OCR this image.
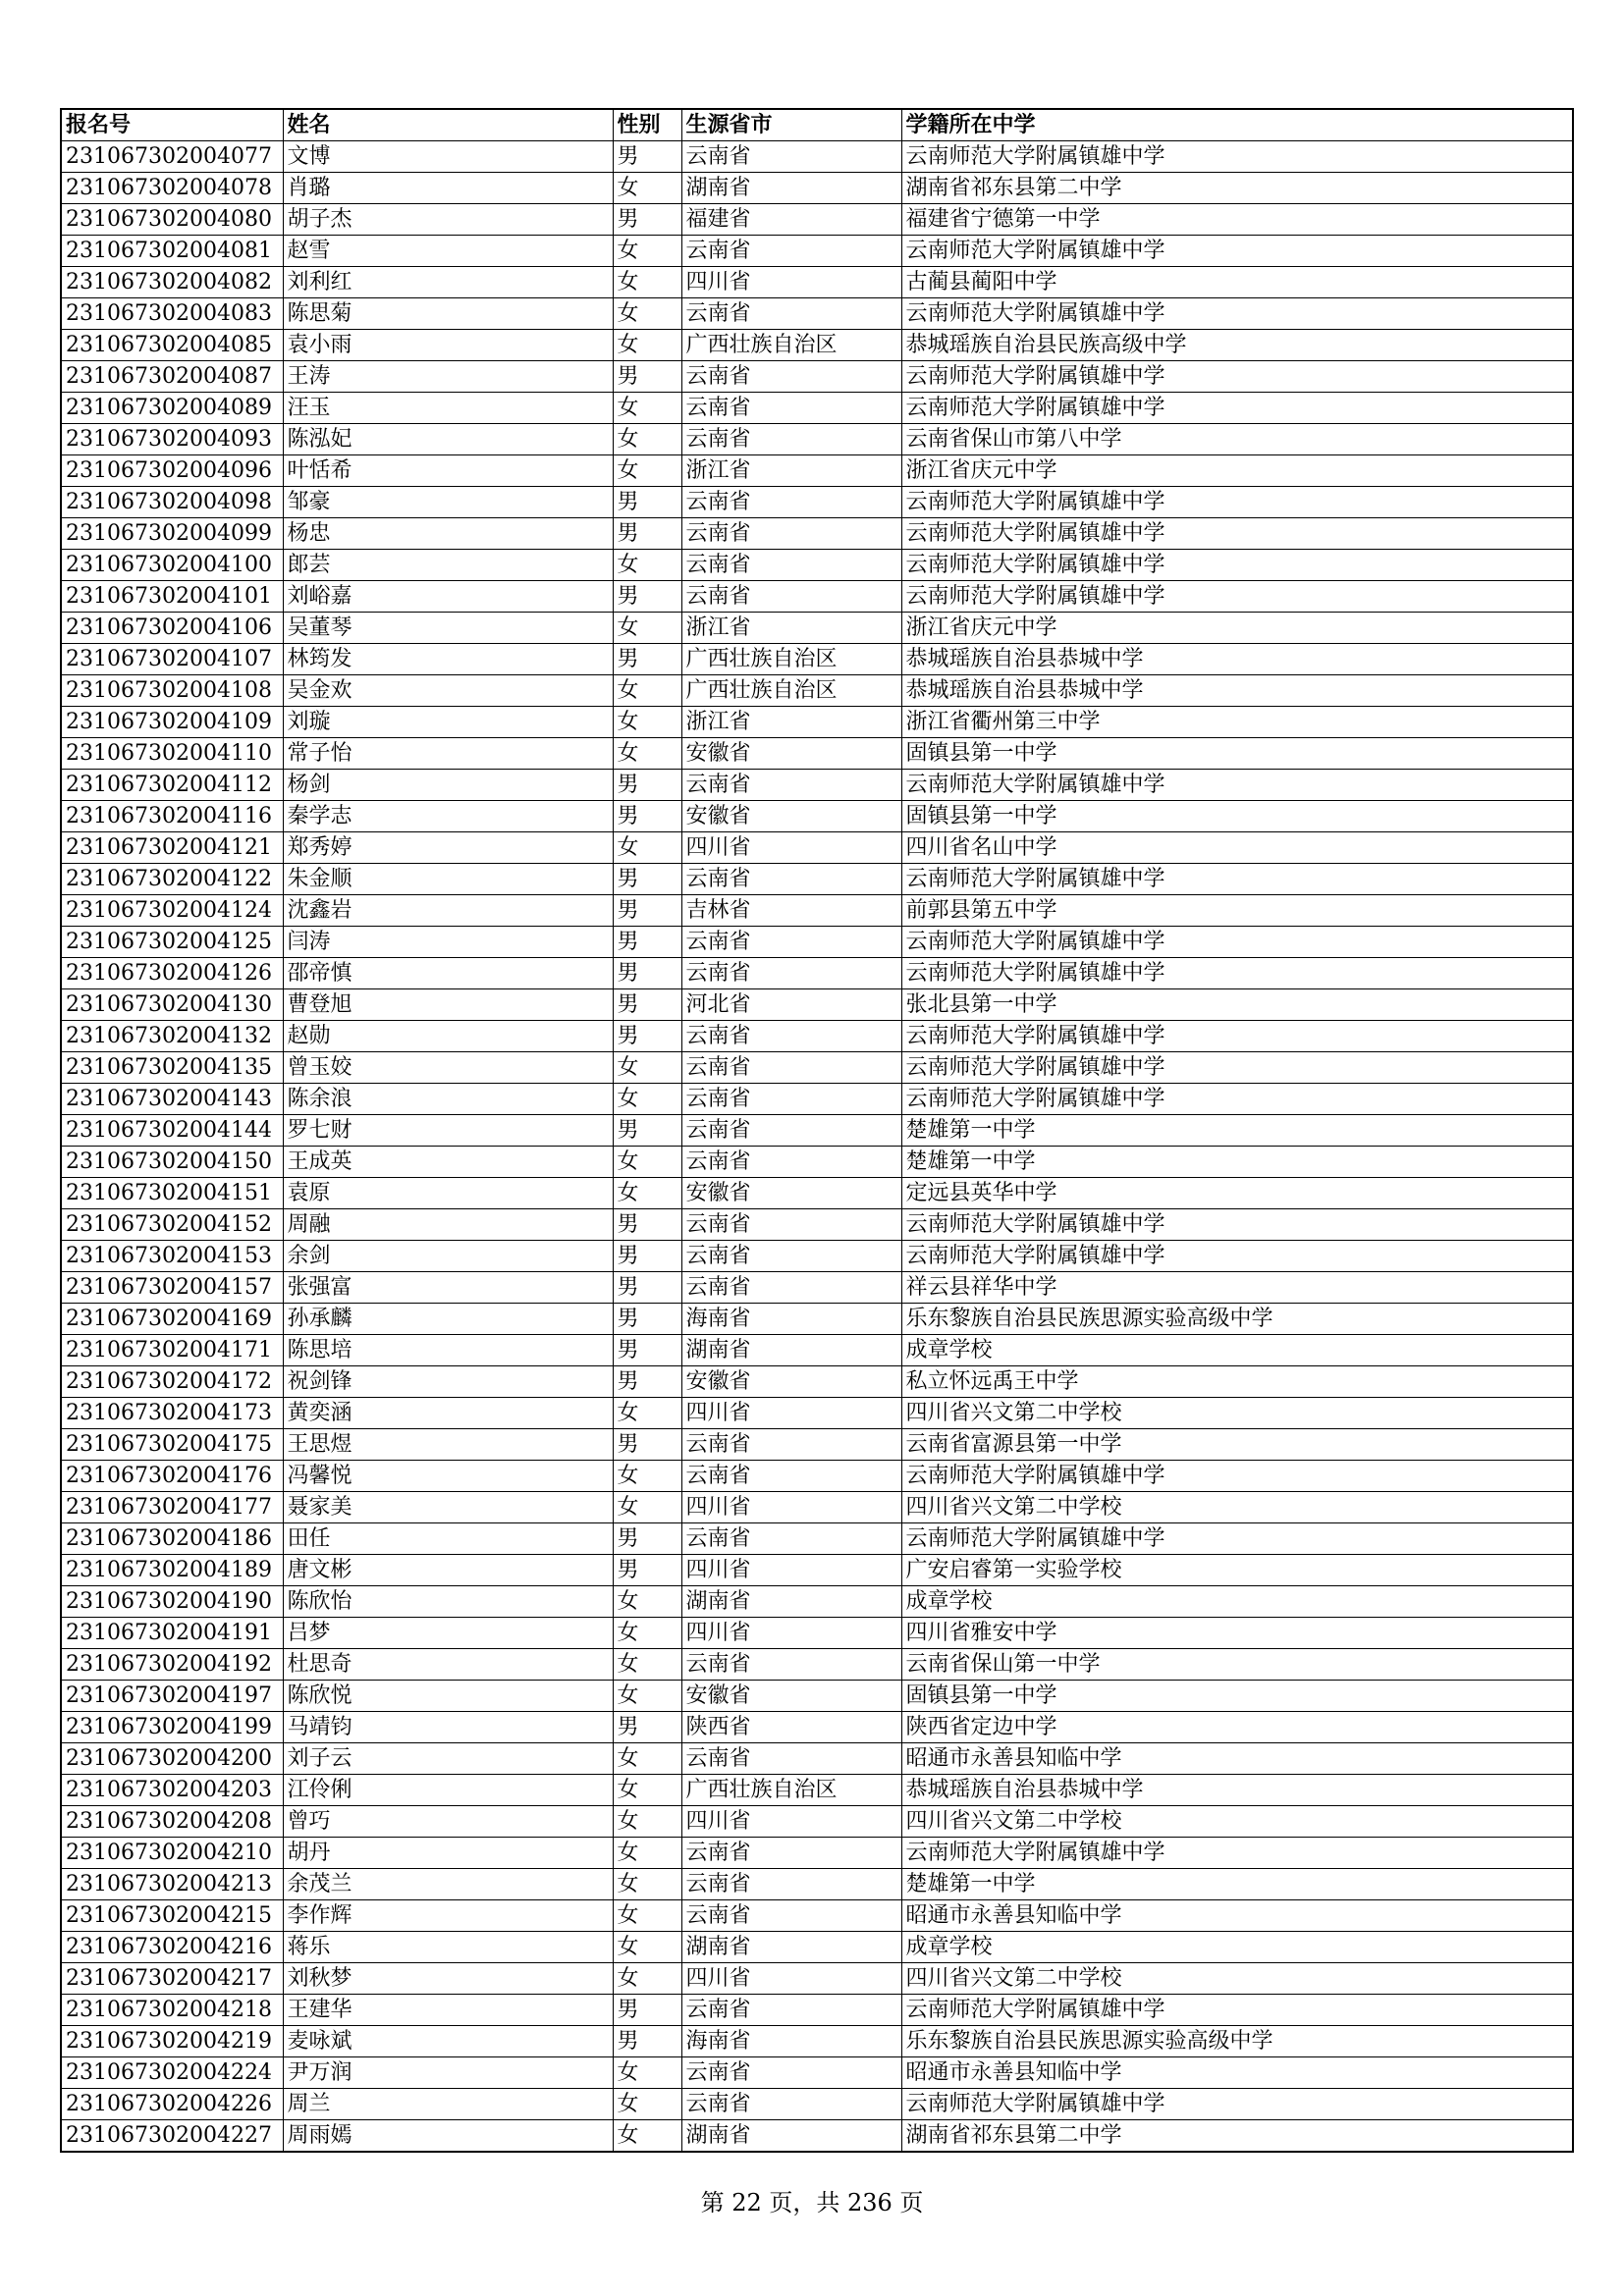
报名号	姓名	性别	生源省市	学籍所在中学
231067302004077	文博	男	云南省	云南师范大学附属镇雄中学
231067302004078	肖璐	女	湖南省	湖南省祁东县第二中学
231067302004080	胡子杰	男	福建省	福建省宁德第一中学
231067302004081	赵雪	女	云南省	云南师范大学附属镇雄中学
231067302004082	刘利红	女	四川省	古蔺县蔺阳中学
231067302004083	陈思菊	女	云南省	云南师范大学附属镇雄中学
231067302004085	袁小雨	女	广西壮族自治区	恭城瑶族自治县民族高级中学
231067302004087	王涛	男	云南省	云南师范大学附属镇雄中学
231067302004089	汪玉	女	云南省	云南师范大学附属镇雄中学
231067302004093	陈泓妃	女	云南省	云南省保山市第八中学
231067302004096	叶恬希	女	浙江省	浙江省庆元中学
231067302004098	邹豪	男	云南省	云南师范大学附属镇雄中学
231067302004099	杨忠	男	云南省	云南师范大学附属镇雄中学
231067302004100	郎芸	女	云南省	云南师范大学附属镇雄中学
231067302004101	刘峪嘉	男	云南省	云南师范大学附属镇雄中学
231067302004106	吴董琴	女	浙江省	浙江省庆元中学
231067302004107	林筠发	男	广西壮族自治区	恭城瑶族自治县恭城中学
231067302004108	吴金欢	女	广西壮族自治区	恭城瑶族自治县恭城中学
231067302004109	刘璇	女	浙江省	浙江省衢州第三中学
231067302004110	常子怡	女	安徽省	固镇县第一中学
231067302004112	杨剑	男	云南省	云南师范大学附属镇雄中学
231067302004116	秦学志	男	安徽省	固镇县第一中学
231067302004121	郑秀婷	女	四川省	四川省名山中学
231067302004122	朱金顺	男	云南省	云南师范大学附属镇雄中学
231067302004124	沈鑫岩	男	吉林省	前郭县第五中学
231067302004125	闫涛	男	云南省	云南师范大学附属镇雄中学
231067302004126	邵帝慎	男	云南省	云南师范大学附属镇雄中学
231067302004130	曹登旭	男	河北省	张北县第一中学
231067302004132	赵勋	男	云南省	云南师范大学附属镇雄中学
231067302004135	曾玉姣	女	云南省	云南师范大学附属镇雄中学
231067302004143	陈余浪	女	云南省	云南师范大学附属镇雄中学
231067302004144	罗七财	男	云南省	楚雄第一中学
231067302004150	王成英	女	云南省	楚雄第一中学
231067302004151	袁原	女	安徽省	定远县英华中学
231067302004152	周融	男	云南省	云南师范大学附属镇雄中学
231067302004153	余剑	男	云南省	云南师范大学附属镇雄中学
231067302004157	张强富	男	云南省	祥云县祥华中学
231067302004169	孙承麟	男	海南省	乐东黎族自治县民族思源实验高级中学
231067302004171	陈思培	男	湖南省	成章学校
231067302004172	祝剑锋	男	安徽省	私立怀远禹王中学
231067302004173	黄奕涵	女	四川省	四川省兴文第二中学校
231067302004175	王思煜	男	云南省	云南省富源县第一中学
231067302004176	冯馨悦	女	云南省	云南师范大学附属镇雄中学
231067302004177	聂家美	女	四川省	四川省兴文第二中学校
231067302004186	田任	男	云南省	云南师范大学附属镇雄中学
231067302004189	唐文彬	男	四川省	广安启睿第一实验学校
231067302004190	陈欣怡	女	湖南省	成章学校
231067302004191	吕梦	女	四川省	四川省雅安中学
231067302004192	杜思奇	女	云南省	云南省保山第一中学
231067302004197	陈欣悦	女	安徽省	固镇县第一中学
231067302004199	马靖钧	男	陕西省	陕西省定边中学
231067302004200	刘子云	女	云南省	昭通市永善县知临中学
231067302004203	江伶俐	女	广西壮族自治区	恭城瑶族自治县恭城中学
231067302004208	曾巧	女	四川省	四川省兴文第二中学校
231067302004210	胡丹	女	云南省	云南师范大学附属镇雄中学
231067302004213	余茂兰	女	云南省	楚雄第一中学
231067302004215	李作辉	女	云南省	昭通市永善县知临中学
231067302004216	蒋乐	女	湖南省	成章学校
231067302004217	刘秋梦	女	四川省	四川省兴文第二中学校
231067302004218	王建华	男	云南省	云南师范大学附属镇雄中学
231067302004219	麦咏斌	男	海南省	乐东黎族自治县民族思源实验高级中学
231067302004224	尹万润	女	云南省	昭通市永善县知临中学
231067302004226	周兰	女	云南省	云南师范大学附属镇雄中学
231067302004227	周雨嫣	女	湖南省	湖南省祁东县第二中学
第 22 页，共 236 页
